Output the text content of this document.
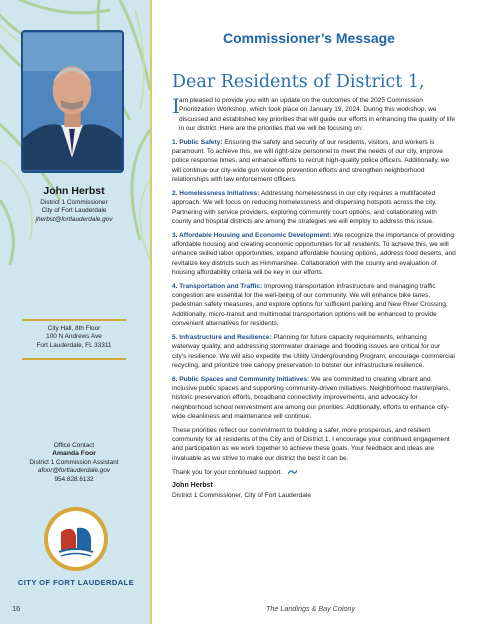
John Herbst
District 1 Commissioner
City of Fort Lauderdale
jherbst@fortlauderdale.gov
City Hall, 8th Floor
100 N Andrews Ave
Fort Lauderdale, FL 33311
Office Contact
Amanda Foor
District 1 Commission Assistant
afoor@fortlauderdale.gov
954.828.6132
CITY OF FORT LAUDERDALE
Commissioner’s Message
Dear Residents of District 1,

I am pleased to provide you with an update on the outcomes of the 2025 Commission Prioritization Workshop, which took place on January 19, 2024. During this workshop, we discussed and established key priorities that will guide our efforts in enhancing the quality of life in our district. Here are the priorities that we will be focusing on:

1. Public Safety: Ensuring the safety and security of our residents, visitors, and workers is paramount. To achieve this, we will right-size personnel to meet the needs of our city, improve police response times, and enhance efforts to recruit high-quality police officers. Additionally, we will continue our city-wide gun violence prevention efforts and strengthen neighborhood relationships with law enforcement officers.

2. Homelessness Initiatives: Addressing homelessness in our city requires a multifaceted approach. We will focus on reducing homelessness and dispersing hotspots across the city. Partnering with service providers, exploring community court options, and collaborating with county and hospital districts are among the strategies we will employ to address this issue.

3. Affordable Housing and Economic Development: We recognize the importance of providing affordable housing and creating economic opportunities for all residents. To achieve this, we will enhance skilled labor opportunities, expand affordable housing options, address food deserts, and revitalize key districts such as Himmarshee. Collaboration with the county and evaluation of housing affordability criteria will be key in our efforts.

4. Transportation and Traffic: Improving transportation infrastructure and managing traffic congestion are essential for the well-being of our community. We will enhance bike lanes, pedestrian safety measures, and explore options for sufficient parking and New River Crossing. Additionally, micro-transit and multimodal transportation options will be enhanced to provide convenient alternatives for residents.

5. Infrastructure and Resilience: Planning for future capacity requirements, enhancing waterway quality, and addressing stormwater drainage and flooding issues are critical for our city’s resilience. We will also expedite the Utility Undergrounding Program, encourage commercial recycling, and prioritize tree canopy preservation to bolster our infrastructure resilience.

6. Public Spaces and Community Initiatives: We are committed to creating vibrant and inclusive public spaces and supporting community-driven initiatives. Neighborhood masterplans, historic preservation efforts, broadband connectivity improvements, and advocacy for neighborhood school reinvestment are among our priorities. Additionally, efforts to enhance city-wide cleanliness and maintenance will continue.

These priorities reflect our commitment to building a safer, more prosperous, and resilient community for all residents of the City and of District 1. I encourage your continued engagement and participation as we work together to achieve these goals. Your feedback and ideas are invaluable as we strive to make our district the best it can be.

Thank you for your continued support.

John Herbst
District 1 Commissioner, City of Fort Lauderdale
16	The Landings & Bay Colony
